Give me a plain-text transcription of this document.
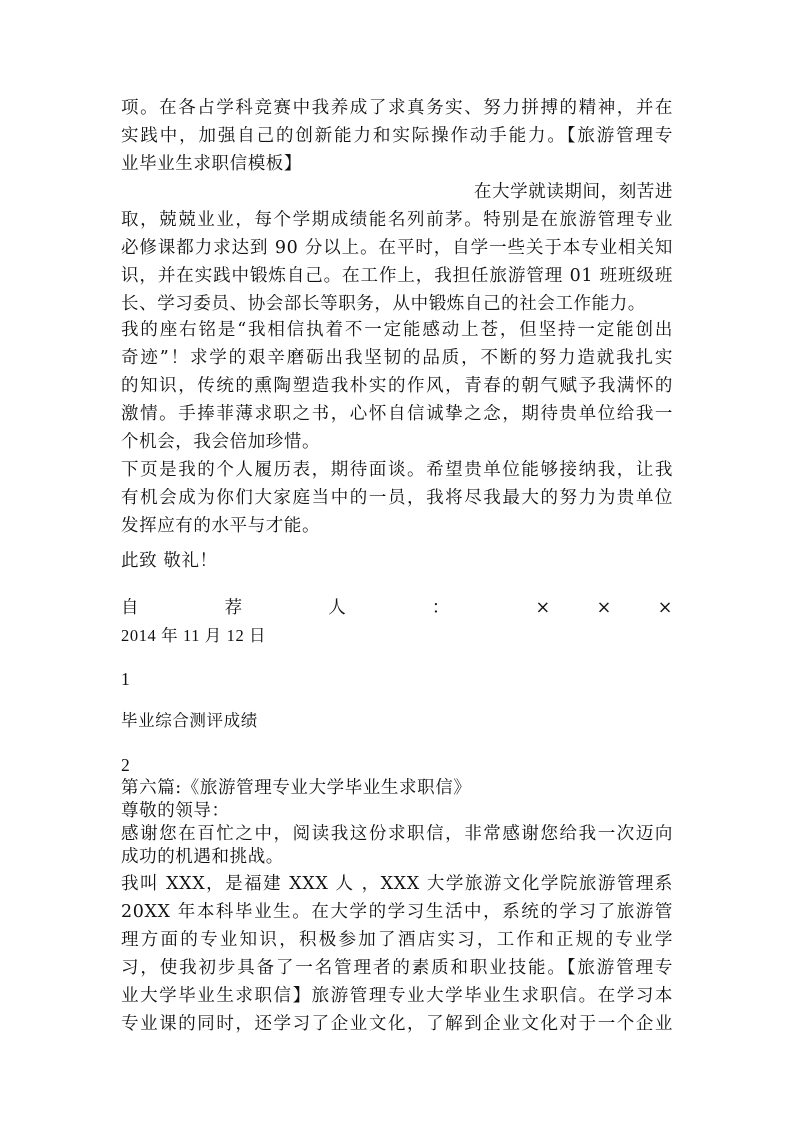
项。在各占学科竞赛中我养成了求真务实、努力拼搏的精神，并在
实践中，加强自己的创新能力和实际操作动手能力。【旅游管理专
业毕业生求职信模板】
在大学就读期间，刻苦进
取，兢兢业业，每个学期成绩能名列前茅。特别是在旅游管理专业
必修课都力求达到 90 分以上。在平时，自学一些关于本专业相关知
识，并在实践中锻炼自己。在工作上，我担任旅游管理 01 班班级班
长、学习委员、协会部长等职务，从中锻炼自己的社会工作能力。
我的座右铭是“我相信执着不一定能感动上苍，但坚持一定能创出
奇迹”！求学的艰辛磨砺出我坚韧的品质，不断的努力造就我扎实
的知识，传统的熏陶塑造我朴实的作风，青春的朝气赋予我满怀的
激情。手捧菲薄求职之书，心怀自信诚挚之念，期待贵单位给我一
个机会，我会倍加珍惜。
下页是我的个人履历表，期待面谈。希望贵单位能够接纳我，让我
有机会成为你们大家庭当中的一员，我将尽我最大的努力为贵单位
发挥应有的水平与才能。
此致 敬礼！
自	荐	人	：	×	×	×
2014 年 11 月 12 日
1
毕业综合测评成绩
2
第六篇:《旅游管理专业大学毕业生求职信》
尊敬的领导：
感谢您在百忙之中，阅读我这份求职信，非常感谢您给我一次迈向
成功的机遇和挑战。
我叫 XXX，是福建 XXX 人 ，XXX 大学旅游文化学院旅游管理系
20XX 年本科毕业生。在大学的学习生活中，系统的学习了旅游管
理方面的专业知识，积极参加了酒店实习，工作和正规的专业学
习，使我初步具备了一名管理者的素质和职业技能。【旅游管理专
业大学毕业生求职信】旅游管理专业大学毕业生求职信。在学习本
专业课的同时，还学习了企业文化，了解到企业文化对于一个企业
